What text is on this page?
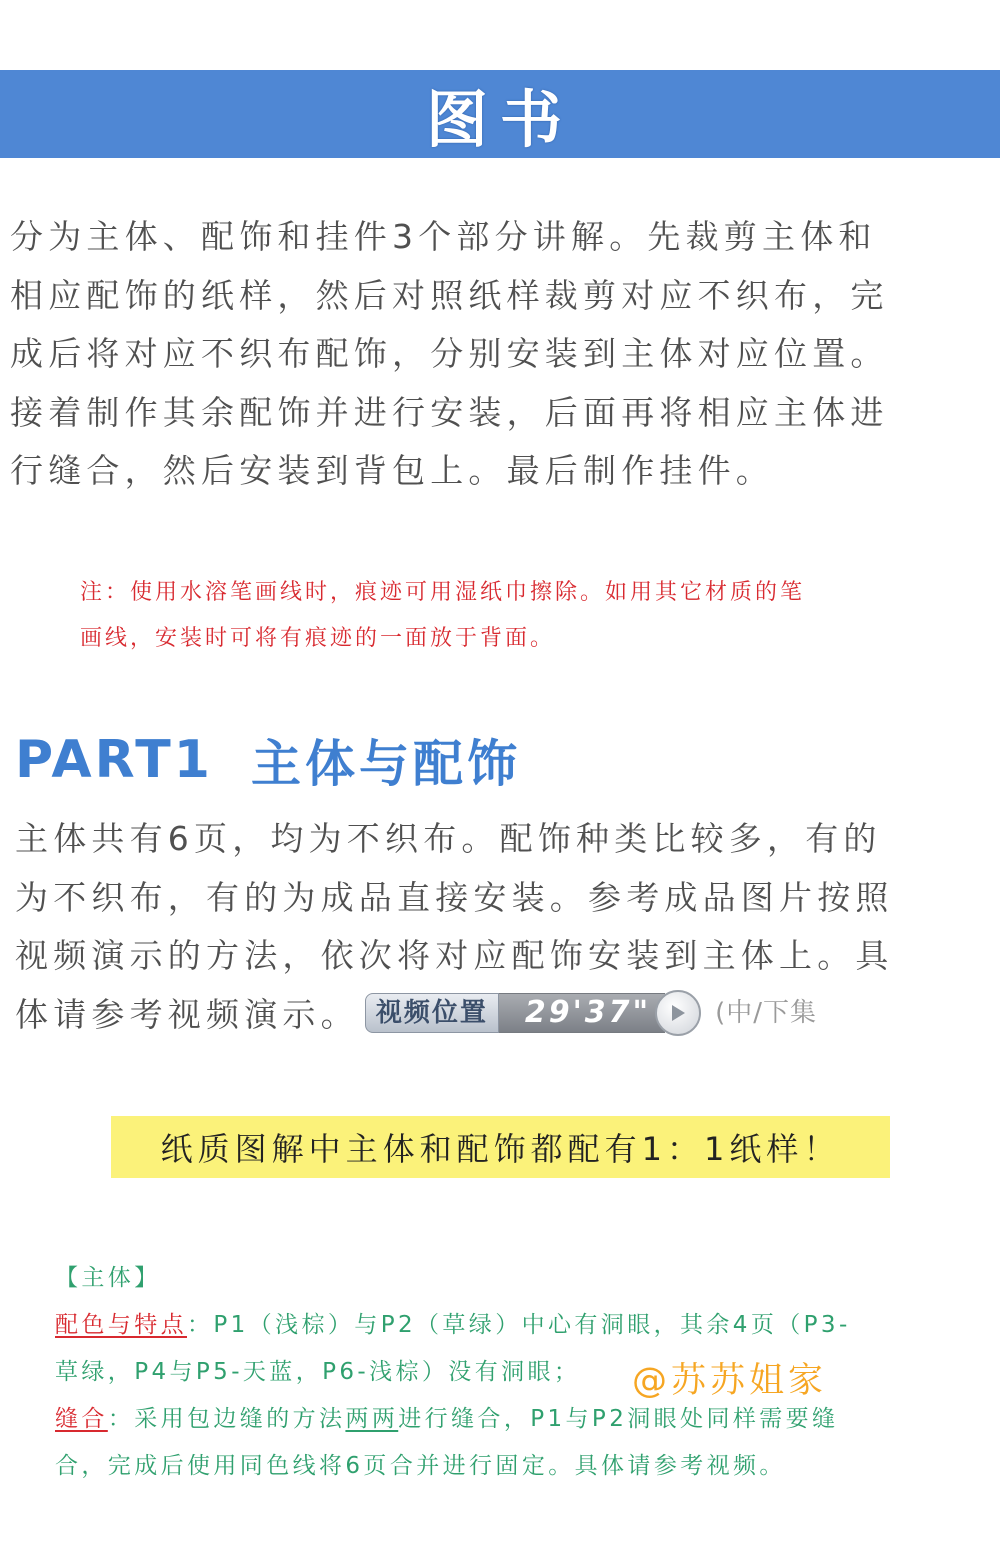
图书
分为主体、配饰和挂件3个部分讲解。先裁剪主体和
相应配饰的纸样，然后对照纸样裁剪对应不织布，完
成后将对应不织布配饰，分别安装到主体对应位置。
接着制作其余配饰并进行安装，后面再将相应主体进
行缝合，然后安装到背包上。最后制作挂件。
注：使用水溶笔画线时，痕迹可用湿纸巾擦除。如用其它材质的笔
画线，安装时可将有痕迹的一面放于背面。
PART1 主体与配饰
主体共有6页，均为不织布。配饰种类比较多，有的
为不织布，有的为成品直接安装。参考成品图片按照
视频演示的方法，依次将对应配饰安装到主体上。具
体请参考视频演示。 视频位置	29'37"	(中/下集
纸质图解中主体和配饰都配有1：1纸样！
【主体】
配色与特点：P1（浅棕）与P2（草绿）中心有洞眼，其余4页（P3-
草绿，P4与P5-天蓝，P6-浅棕）没有洞眼；
缝合：采用包边缝的方法两两进行缝合，P1与P2洞眼处同样需要缝
合，完成后使用同色线将6页合并进行固定。具体请参考视频。
@苏苏姐家
